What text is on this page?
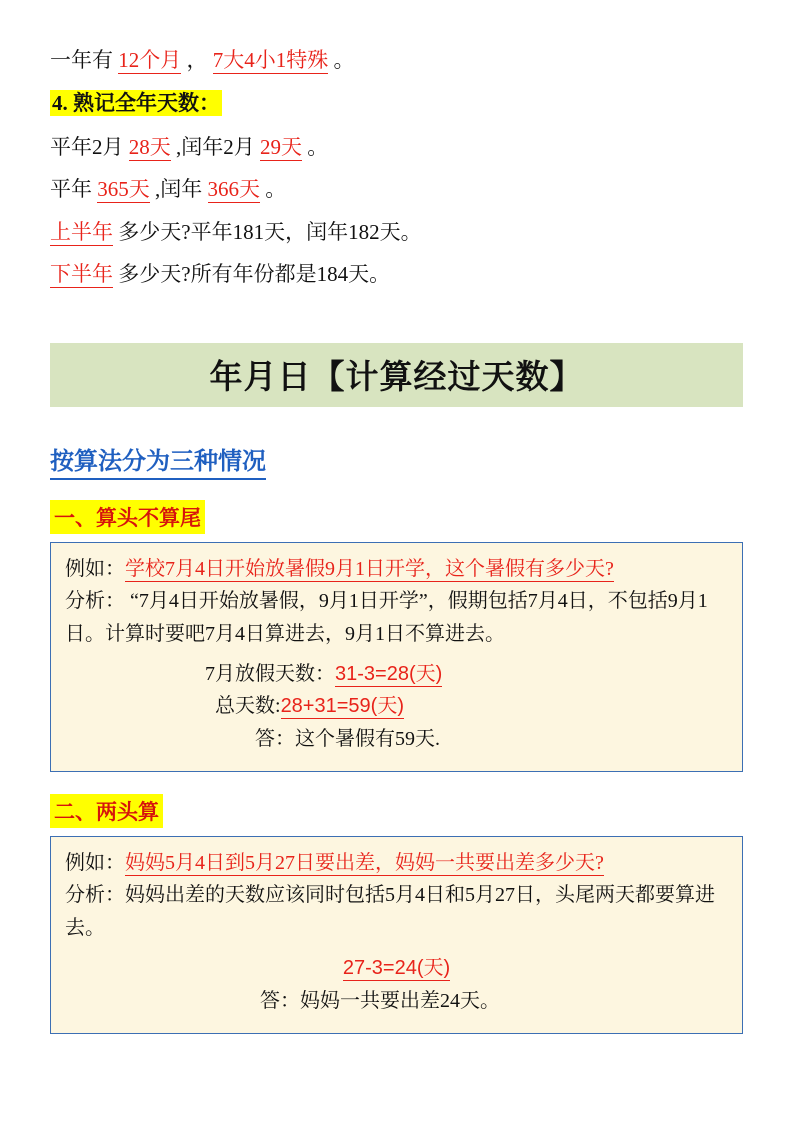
一年有 12个月 ， 7大4小1特殊 。
4. 熟记全年天数：
平年2月 28天 ,闰年2月 29天 。
平年 365天 ,闰年 366天 。
上半年 多少天?平年181天，闰年182天。
下半年 多少天?所有年份都是184天。
年月日【计算经过天数】
按算法分为三种情况
一、算头不算尾

例如：学校7月4日开始放暑假9月1日开学，这个暑假有多少天?

分析： “7月4日开始放暑假，9月1日开学”，假期包括7月4日，不包括9月1日。计算时要吧7月4日算进去，9月1日不算进去。

7月放假天数：31-3=28(天)

总天数:28+31=59(天)

答：这个暑假有59天.

二、两头算

例如：妈妈5月4日到5月27日要出差，妈妈一共要出差多少天?

分析：妈妈出差的天数应该同时包括5月4日和5月27日，头尾两天都要算进去。

27-3=24(天)

答：妈妈一共要出差24天。
